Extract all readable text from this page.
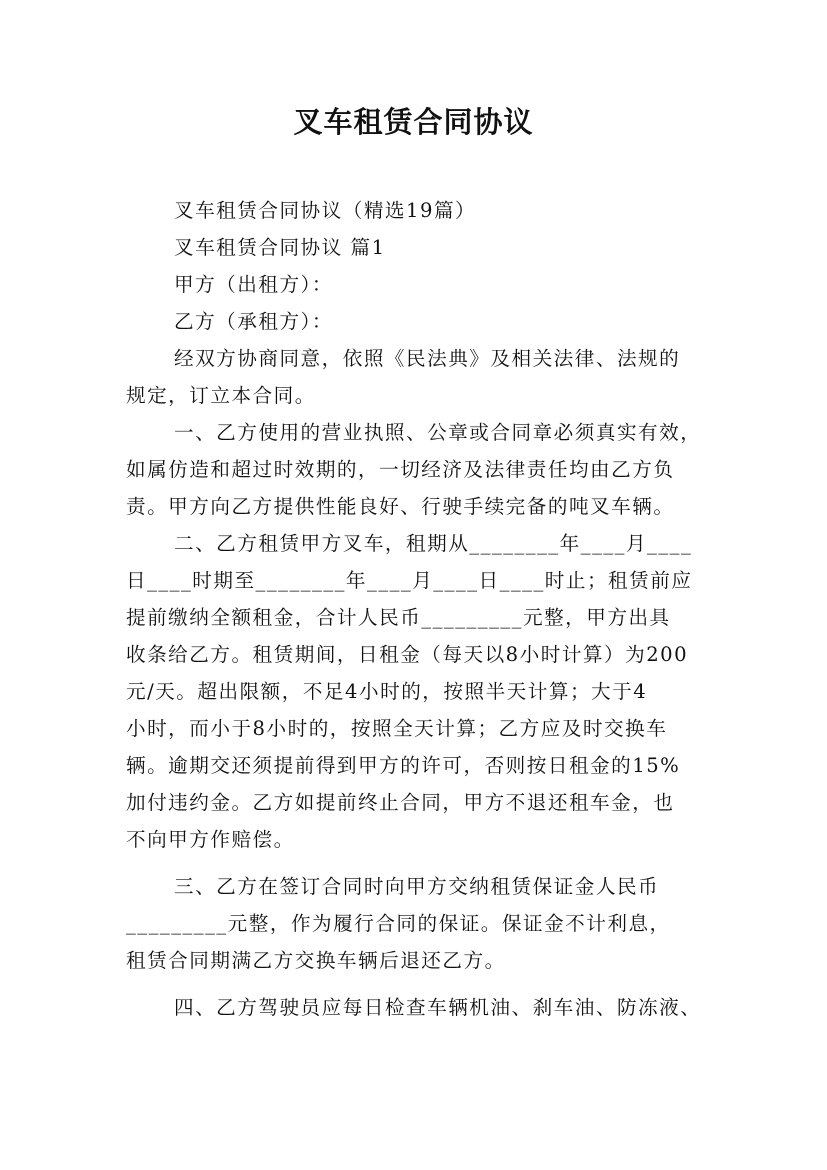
叉车租赁合同协议
叉车租赁合同协议（精选19篇）
叉车租赁合同协议 篇1
甲方（出租方）：
乙方（承租方）：
经双方协商同意，依照《民法典》及相关法律、法规的
规定，订立本合同。
一、乙方使用的营业执照、公章或合同章必须真实有效，
如属仿造和超过时效期的，一切经济及法律责任均由乙方负
责。甲方向乙方提供性能良好、行驶手续完备的吨叉车辆。
二、乙方租赁甲方叉车，租期从________年____月____
日____时期至________年____月____日____时止；租赁前应
提前缴纳全额租金，合计人民币_________元整，甲方出具
收条给乙方。租赁期间，日租金（每天以8小时计算）为200
元/天。超出限额，不足4小时的，按照半天计算；大于4
小时，而小于8小时的，按照全天计算；乙方应及时交换车
辆。逾期交还须提前得到甲方的许可，否则按日租金的15%
加付违约金。乙方如提前终止合同，甲方不退还租车金，也
不向甲方作赔偿。
三、乙方在签订合同时向甲方交纳租赁保证金人民币
_________元整，作为履行合同的保证。保证金不计利息，
租赁合同期满乙方交换车辆后退还乙方。
四、乙方驾驶员应每日检查车辆机油、刹车油、防冻液、
